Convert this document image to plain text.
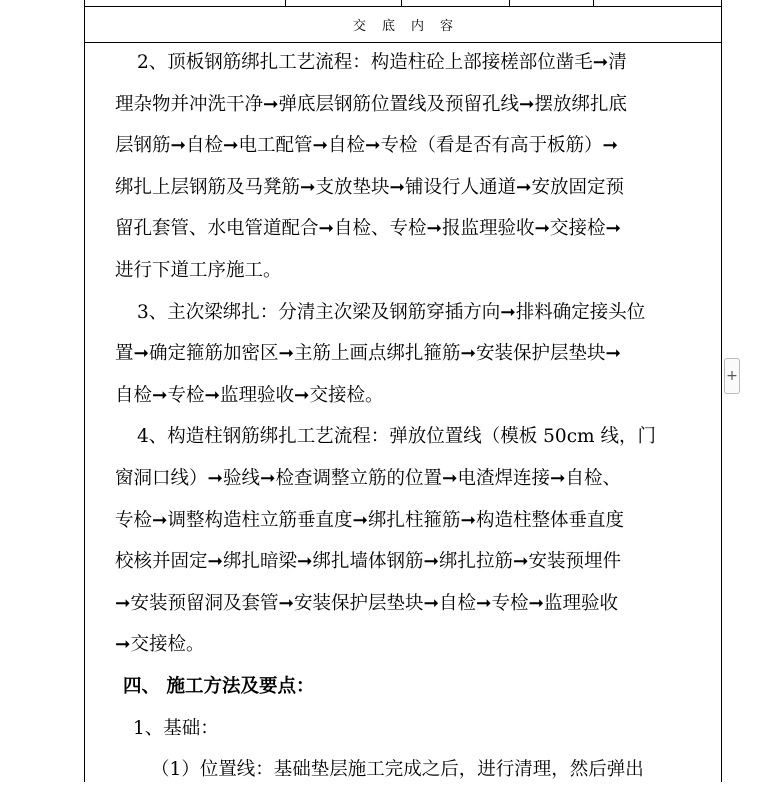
交底内容
2、顶板钢筋绑扎工艺流程：构造柱砼上部接槎部位凿毛➞清
理杂物并冲洗干净➞弹底层钢筋位置线及预留孔线➞摆放绑扎底
层钢筋➞自检➞电工配管➞自检➞专检（看是否有高于板筋）➞
绑扎上层钢筋及马凳筋➞支放垫块➞铺设行人通道➞安放固定预
留孔套管、水电管道配合➞自检、专检➞报监理验收➞交接检➞
进行下道工序施工。
3、主次梁绑扎：分清主次梁及钢筋穿插方向➞排料确定接头位
置➞确定箍筋加密区➞主筋上画点绑扎箍筋➞安装保护层垫块➞
自检➞专检➞监理验收➞交接检。
4、构造柱钢筋绑扎工艺流程：弹放位置线（模板 50cm 线，门
窗洞口线）➞验线➞检查调整立筋的位置➞电渣焊连接➞自检、
专检➞调整构造柱立筋垂直度➞绑扎柱箍筋➞构造柱整体垂直度
校核并固定➞绑扎暗梁➞绑扎墙体钢筋➞绑扎拉筋➞安装预埋件
➞安装预留洞及套管➞安装保护层垫块➞自检➞专检➞监理验收
➞交接检。
四、 施工方法及要点：
1、基础：
（1）位置线：基础垫层施工完成之后，进行清理，然后弹出
+
